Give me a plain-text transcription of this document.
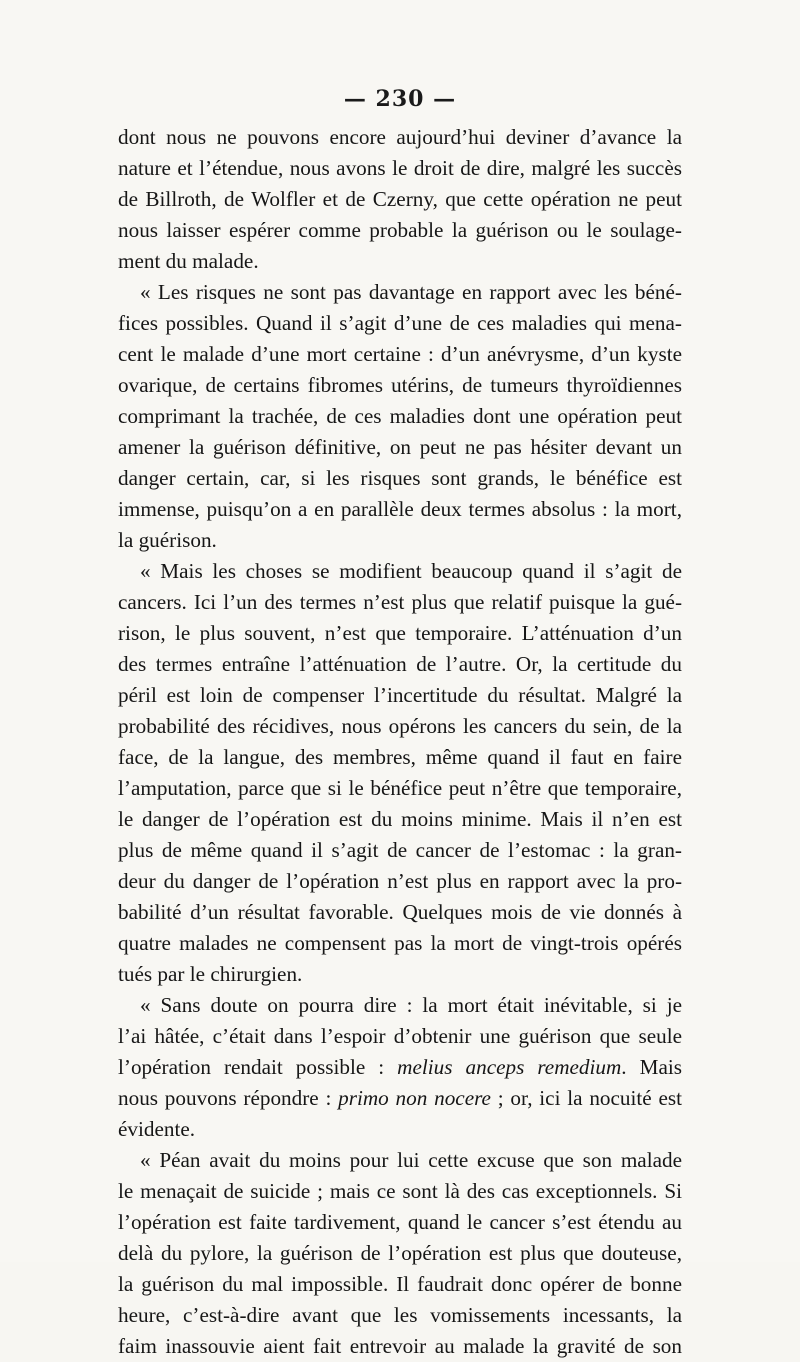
— 230 —
dont nous ne pouvons encore aujourd’hui deviner d’avance la
nature et l’étendue, nous avons le droit de dire, malgré les succès
de Billroth, de Wolfler et de Czerny, que cette opération ne peut
nous laisser espérer comme probable la guérison ou le soulage-
ment du malade.
« Les risques ne sont pas davantage en rapport avec les béné-
fices possibles. Quand il s’agit d’une de ces maladies qui mena-
cent le malade d’une mort certaine : d’un anévrysme, d’un kyste
ovarique, de certains fibromes utérins, de tumeurs thyroïdiennes
comprimant la trachée, de ces maladies dont une opération peut
amener la guérison définitive, on peut ne pas hésiter devant un
danger certain, car, si les risques sont grands, le bénéfice est
immense, puisqu’on a en parallèle deux termes absolus : la mort,
la guérison.
« Mais les choses se modifient beaucoup quand il s’agit de
cancers. Ici l’un des termes n’est plus que relatif puisque la gué-
rison, le plus souvent, n’est que temporaire. L’atténuation d’un
des termes entraîne l’atténuation de l’autre. Or, la certitude du
péril est loin de compenser l’incertitude du résultat. Malgré la
probabilité des récidives, nous opérons les cancers du sein, de la
face, de la langue, des membres, même quand il faut en faire
l’amputation, parce que si le bénéfice peut n’être que temporaire,
le danger de l’opération est du moins minime. Mais il n’en est
plus de même quand il s’agit de cancer de l’estomac : la gran-
deur du danger de l’opération n’est plus en rapport avec la pro-
babilité d’un résultat favorable. Quelques mois de vie donnés à
quatre malades ne compensent pas la mort de vingt-trois opérés
tués par le chirurgien.
« Sans doute on pourra dire : la mort était inévitable, si je
l’ai hâtée, c’était dans l’espoir d’obtenir une guérison que seule
l’opération rendait possible : melius anceps remedium. Mais
nous pouvons répondre : primo non nocere ; or, ici la nocuité est
évidente.
« Péan avait du moins pour lui cette excuse que son malade
le menaçait de suicide ; mais ce sont là des cas exceptionnels. Si
l’opération est faite tardivement, quand le cancer s’est étendu au
delà du pylore, la guérison de l’opération est plus que douteuse,
la guérison du mal impossible. Il faudrait donc opérer de bonne
heure, c’est-à-dire avant que les vomissements incessants, la
faim inassouvie aient fait entrevoir au malade la gravité de son
